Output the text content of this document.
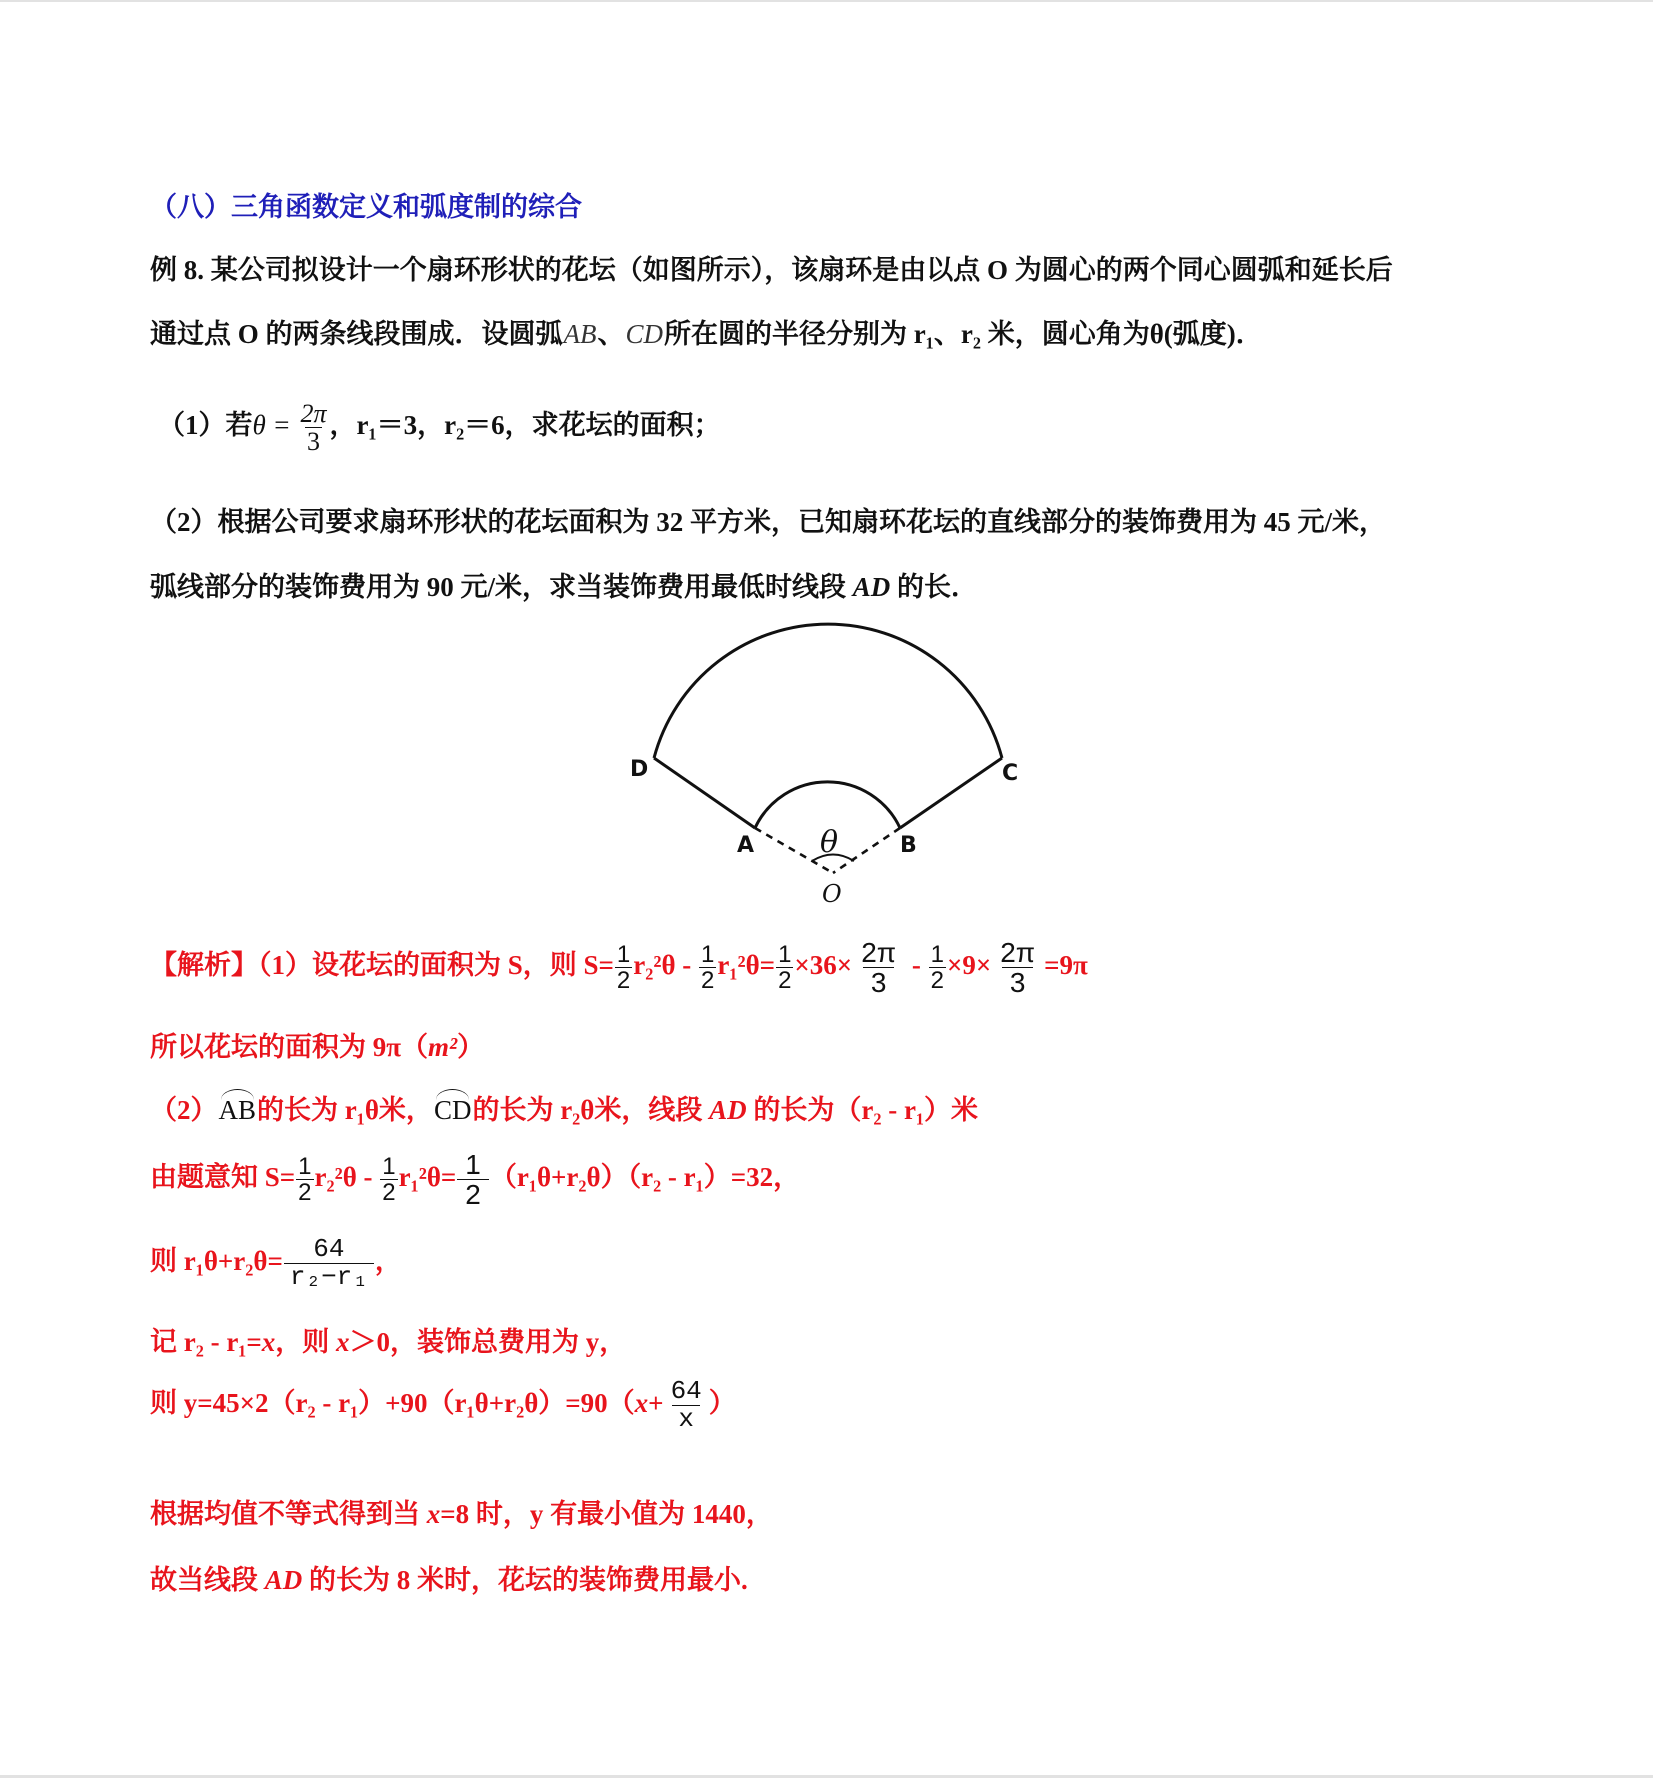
（八）三角函数定义和弧度制的综合
例 8. 某公司拟设计一个扇环形状的花坛（如图所示），该扇环是由以点 O 为圆心的两个同心圆弧和延长后
通过点 O 的两条线段围成．设圆弧AB、CD所在圆的半径分别为 r₁、r₂ 米，圆心角为θ(弧度)．
（1）若$\theta = \frac{2\pi}{3}$ ，r₁＝3，r₂＝6，求花坛的面积；
（2）根据公司要求扇环形状的花坛面积为 32 平方米，已知扇环花坛的直线部分的装饰费用为 45 元/米，
弧线部分的装饰费用为 90 元/米，求当装饰费用最低时线段 AD 的长．
D	C
A	B
θ
O
【解析】（1）设花坛的面积为 S，则 $S= \frac{1}{2} r_2^2\theta - \frac{1}{2} r_1^2\theta= \frac{1}{2} \times 36\times \frac{2\pi}{3} - \frac{1}{2} \times 9\times \frac{2\pi}{3} =9\pi$
所以花坛的面积为 9π（m²）
（2）AB的长为 r₁θ米，CD的长为 r₂θ米，线段 AD 的长为（r₂ - r₁）米
由题意知 $S= \frac{1}{2} r_2^2\theta - \frac{1}{2} r_1^2\theta= \frac{1}{2} (r_1\theta+r_2\theta)(r_2 - r_1)=32$，
则 $r_1\theta+r_2\theta= \frac{64}{\text{r₂−r₁}}$ ，
记 r₂ - r₁=x，则 x＞0，装饰总费用为 y，
则 $y=45\times 2(r_2 - r_1)+90(r_1\theta+r_2\theta)=90(x+ \frac{64}{x}$ ）
根据均值不等式得到当 x=8 时，y 有最小值为 1440，
故当线段 AD 的长为 8 米时，花坛的装饰费用最小.
